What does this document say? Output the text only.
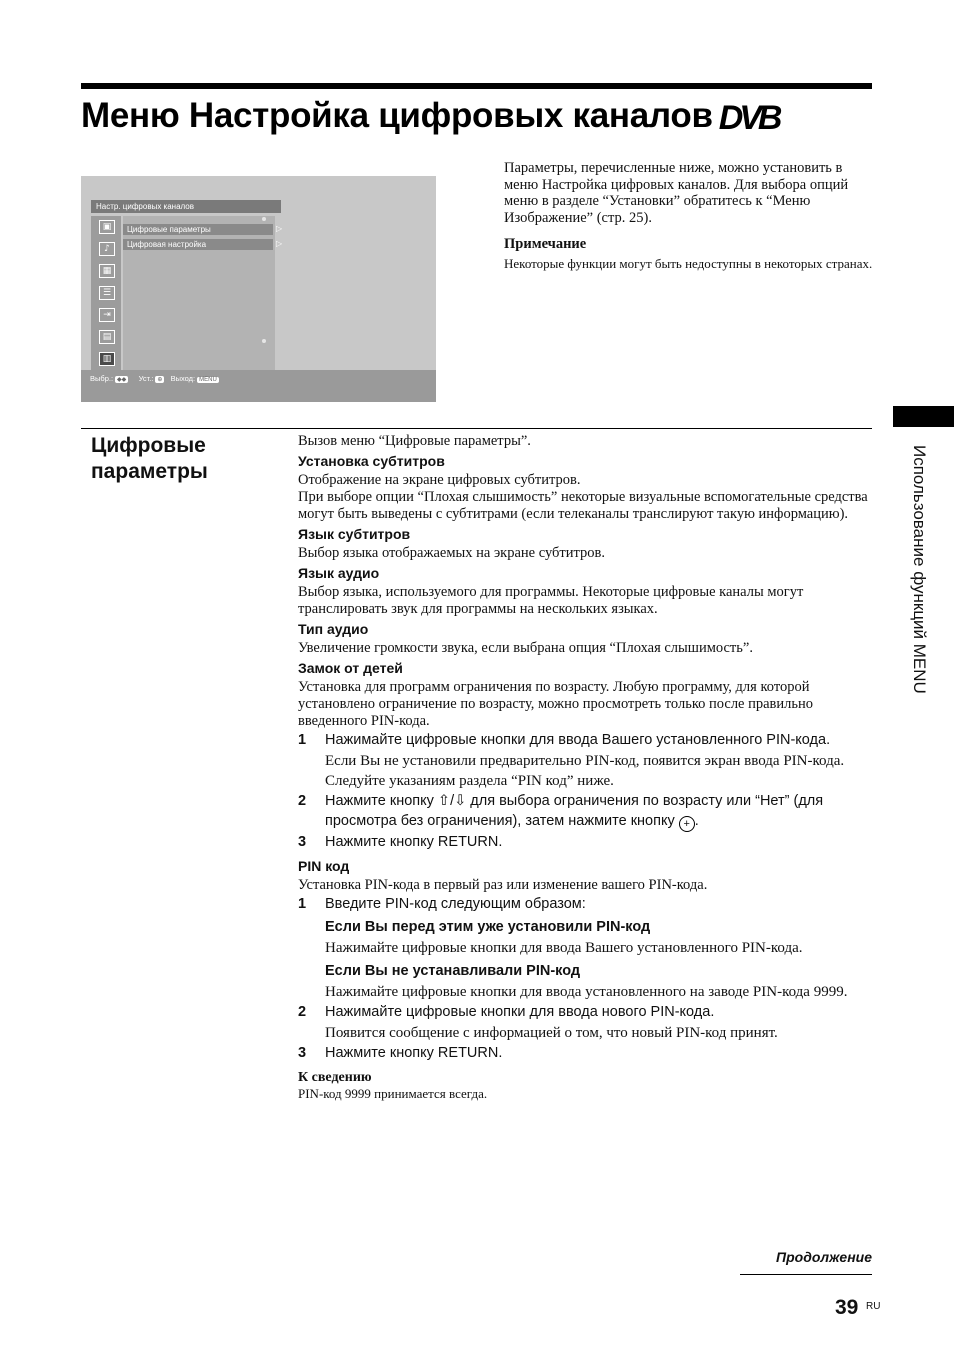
Меню Настройка цифровых каналов DVB
Настр. цифровых каналов
▣
♪
▦
☰
⇥
▤
▥
Цифровые параметры
Цифровая настройка
▷
▷
Выбр.: ◆◆ Уст.: ⊕ Выход: MENU
Параметры, перечисленные ниже, можно установить в меню Настройка цифровых каналов. Для выбора опций меню в разделе “Установки” обратитесь к “Меню Изображение” (стр. 25).
Примечание
Некоторые функции могут быть недоступны в некоторых странах.
Использование функций MENU
Цифровые параметры
Вызов меню “Цифровые параметры”.
Установка субтитров
Отображение на экране цифровых субтитров.
При выборе опции “Плохая слышимость” некоторые визуальные вспомогательные средства могут быть выведены с субтитрами (если телеканалы транслируют такую информацию).
Язык субтитров
Выбор языка отображаемых на экране субтитров.
Язык аудио
Выбор языка, используемого для программы. Некоторые цифровые каналы могут транслировать звук для программы на нескольких языках.
Тип аудио
Увеличение громкости звука, если выбрана опция “Плохая слышимость”.
Замок от детей
Установка для программ ограничения по возрасту. Любую программу, для которой установлено ограничение по возрасту, можно просмотреть только после правильно введенного PIN-кода.
1	Нажимайте цифровые кнопки для ввода Вашего установленного PIN-кода.
Если Вы не установили предварительно PIN-код, появится экран ввода PIN-кода. Следуйте указаниям раздела “PIN код” ниже.
2	Нажмите кнопку ⇧/⇩ для выбора ограничения по возрасту или “Нет” (для просмотра без ограничения), затем нажмите кнопку + .
3	Нажмите кнопку RETURN.
PIN код
Установка PIN-кода в первый раз или изменение вашего PIN-кода.
1	Введите PIN-код следующим образом:
Если Вы перед этим уже установили PIN-код
Нажимайте цифровые кнопки для ввода Вашего установленного PIN-кода.
Если Вы не устанавливали PIN-код
Нажимайте цифровые кнопки для ввода установленного на заводе PIN-кода 9999.
2	Нажимайте цифровые кнопки для ввода нового PIN-кода.
Появится сообщение с информацией о том, что новый PIN-код принят.
3	Нажмите кнопку RETURN.
К сведению
PIN-код 9999 принимается всегда.
Продолжение
39 RU
